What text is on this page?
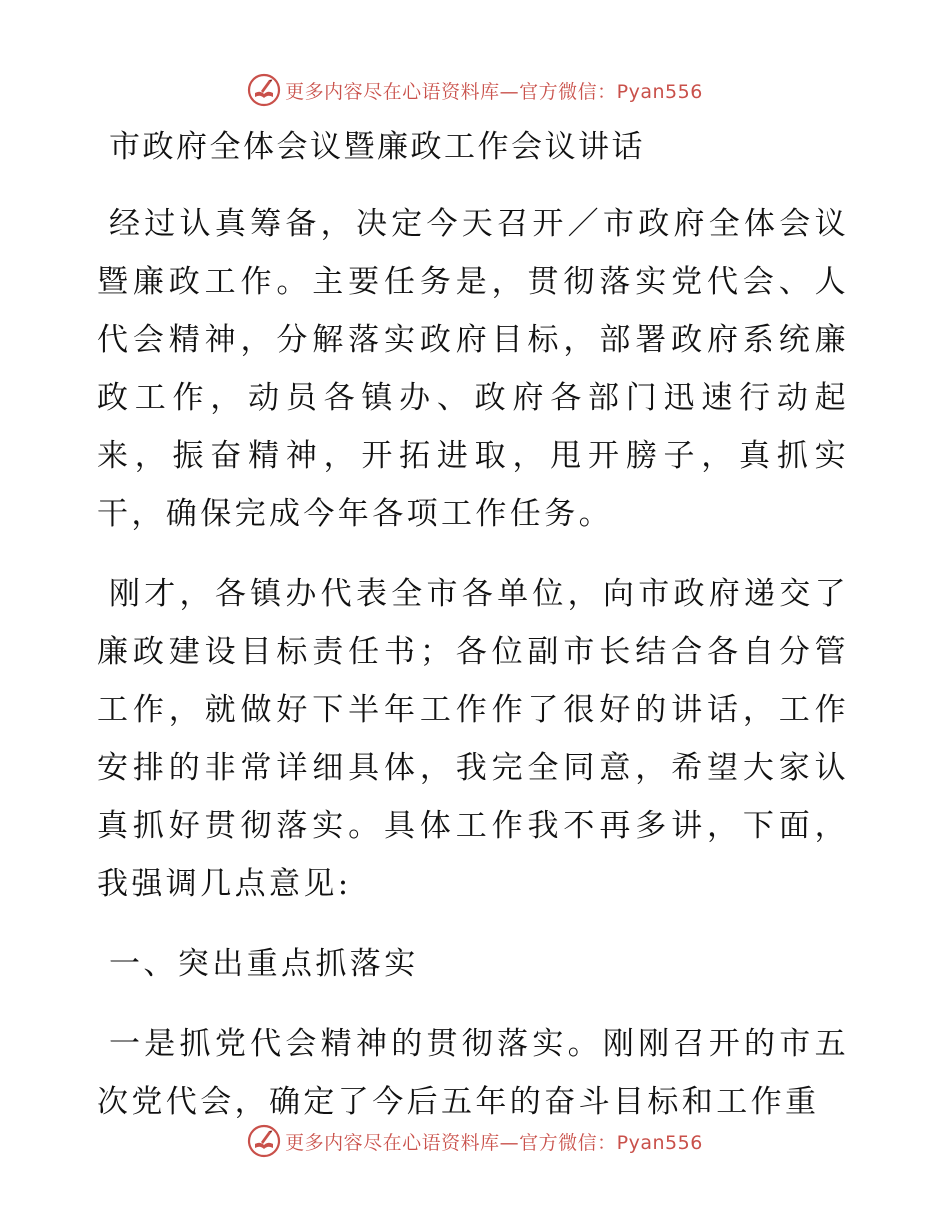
更多内容尽在心语资料库—官方微信：Pyan556
市政府全体会议暨廉政工作会议讲话

经过认真筹备，决定今天召开／市政府全体会议暨廉政工作。主要任务是，贯彻落实党代会、人代会精神，分解落实政府目标，部署政府系统廉政工作，动员各镇办、政府各部门迅速行动起来，振奋精神，开拓进取，甩开膀子，真抓实干，确保完成今年各项工作任务。

刚才，各镇办代表全市各单位，向市政府递交了廉政建设目标责任书；各位副市长结合各自分管工作，就做好下半年工作作了很好的讲话，工作安排的非常详细具体，我完全同意，希望大家认真抓好贯彻落实。具体工作我不再多讲，下面，我强调几点意见:

一、突出重点抓落实

一是抓党代会精神的贯彻落实。刚刚召开的市五次党代会，确定了今后五年的奋斗目标和工作重

更多内容尽在心语资料库—官方微信：Pyan556
